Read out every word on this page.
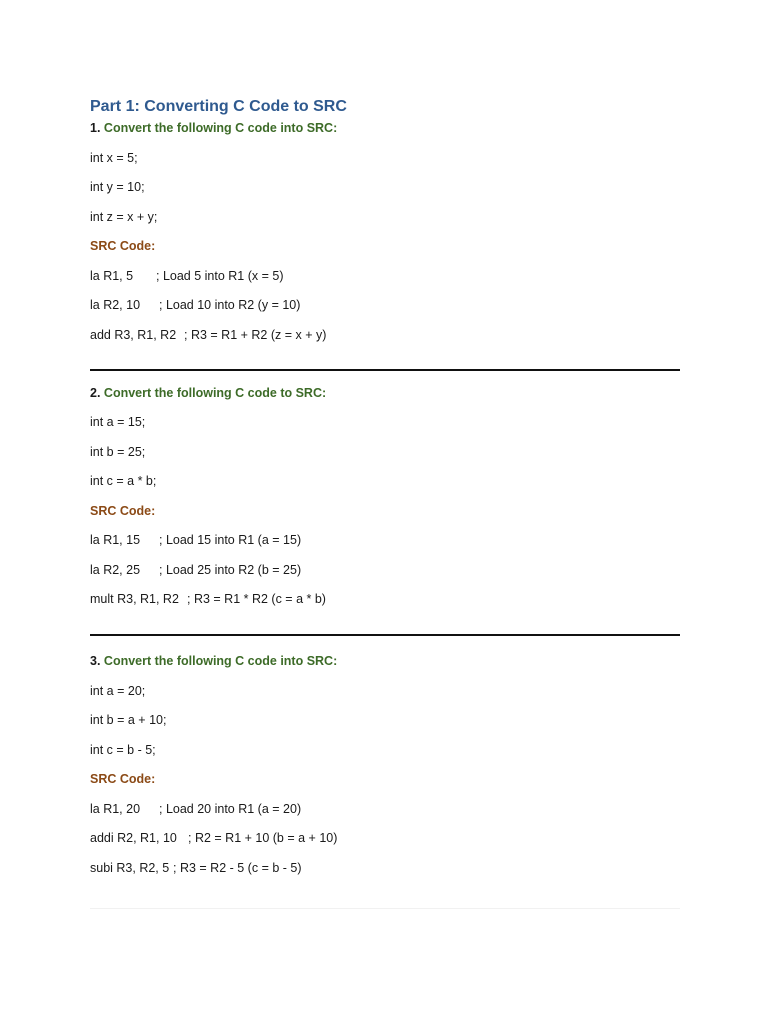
Part 1: Converting C Code to SRC

1. Convert the following C code into SRC:

int x = 5;

int y = 10;

int z = x + y;

SRC Code:

la R1, 5 ; Load 5 into R1 (x = 5)

la R2, 10 ; Load 10 into R2 (y = 10)

add R3, R1, R2 ; R3 = R1 + R2 (z = x + y)

2. Convert the following C code to SRC:

int a = 15;

int b = 25;

int c = a * b;

SRC Code:

la R1, 15 ; Load 15 into R1 (a = 15)

la R2, 25 ; Load 25 into R2 (b = 25)

mult R3, R1, R2 ; R3 = R1 * R2 (c = a * b)

3. Convert the following C code into SRC:

int a = 20;

int b = a + 10;

int c = b - 5;

SRC Code:

la R1, 20 ; Load 20 into R1 (a = 20)

addi R2, R1, 10 ; R2 = R1 + 10 (b = a + 10)

subi R3, R2, 5 ; R3 = R2 - 5 (c = b - 5)
